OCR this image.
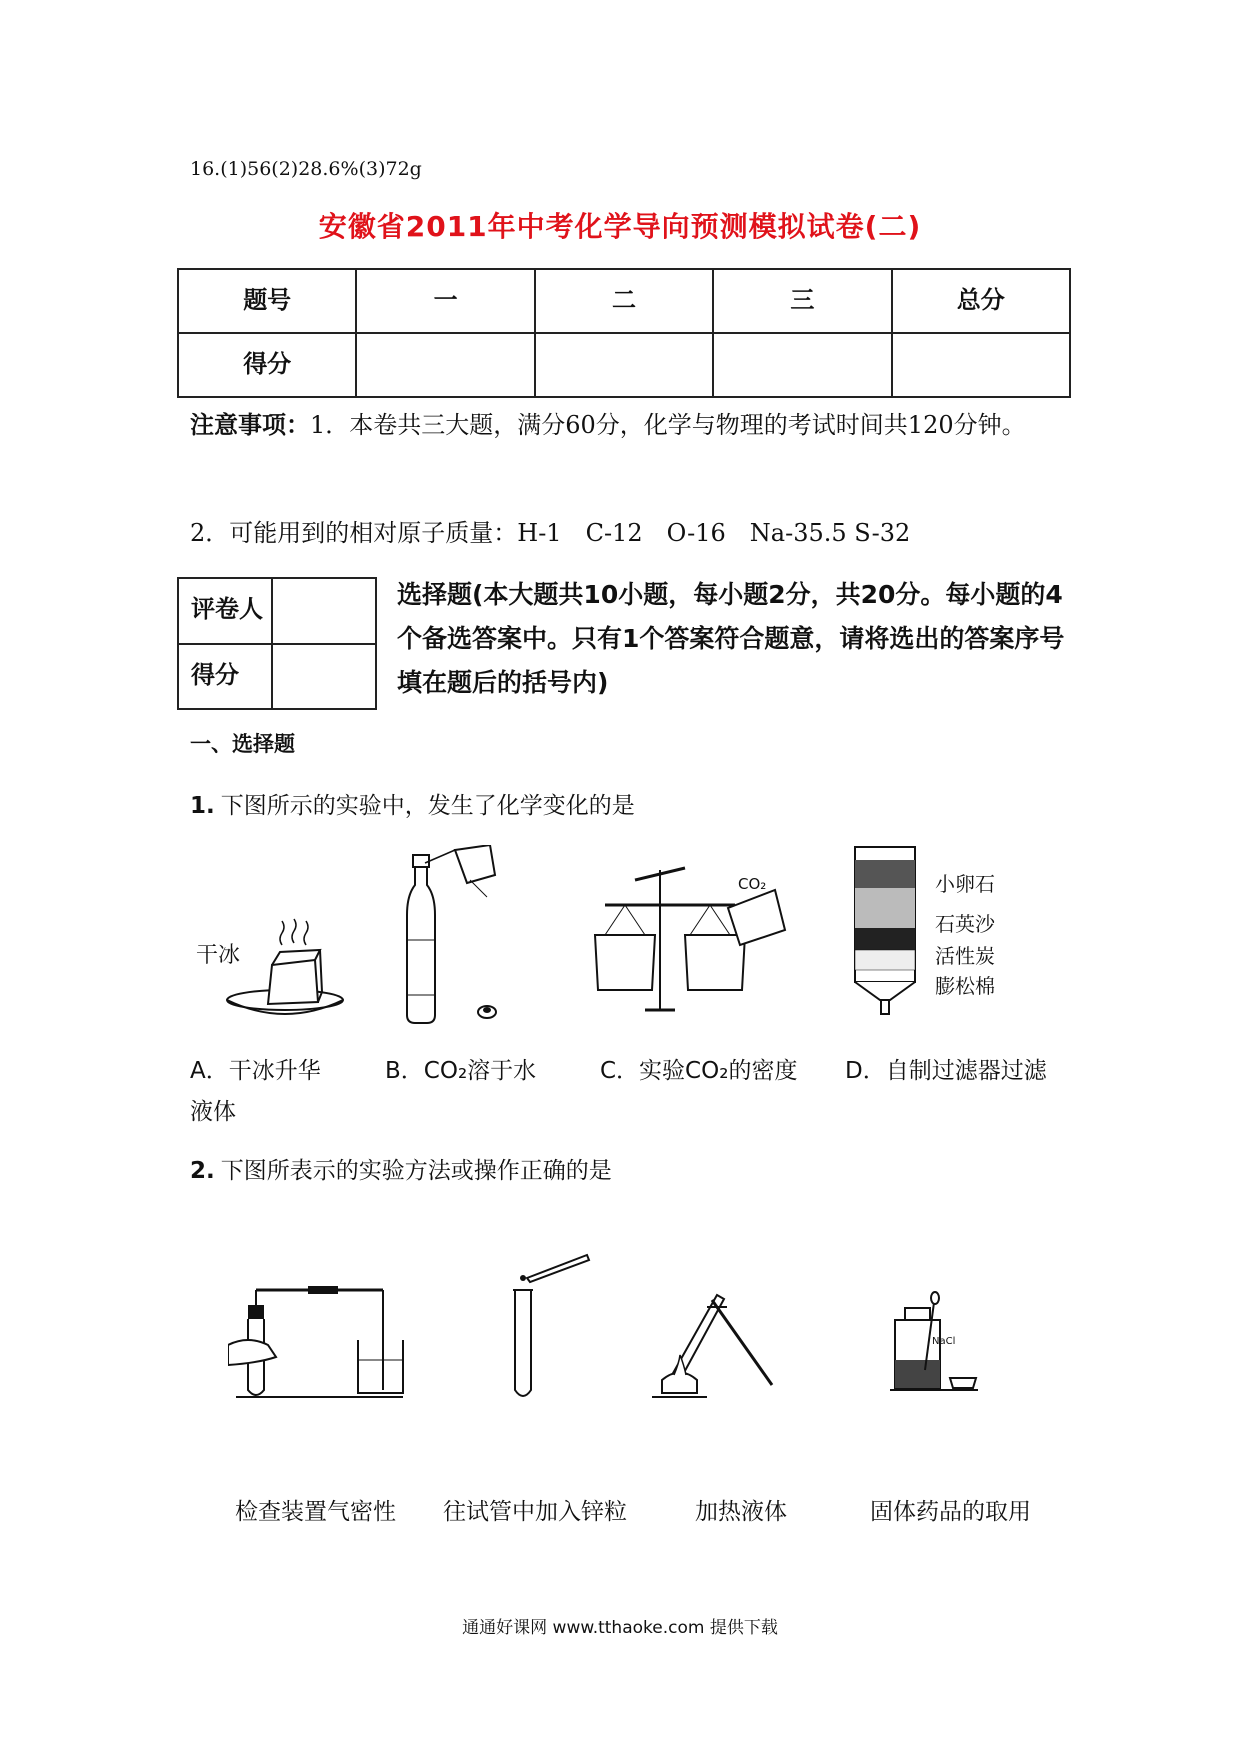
16.(1)56(2)28.6%(3)72g
安徽省2011年中考化学导向预测模拟试卷(二)
题号	一	二	三	总分
得分				
注意事项：1．本卷共三大题，满分60分，化学与物理的考试时间共120分钟。
2．可能用到的相对原子质量：H-1　C-12　O-16　Na-35.5 S-32
评卷人	
得分	
选择题(本大题共10小题，每小题2分，共20分。每小题的4个备选答案中。只有1个答案符合题意，请将选出的答案序号填在题后的括号内)
一、选择题
1. 下图所示的实验中，发生了化学变化的是
干冰
CO₂	小卵石
石英沙
活性炭
膨松棉
A．干冰升华	B．CO₂溶于水	C．实验CO₂的密度 D．自制过滤器过滤
液体
2. 下图所表示的实验方法或操作正确的是
NaCl
检查装置气密性 往试管中加入锌粒	加热液体	固体药品的取用
通通好课网 www.tthaoke.com 提供下载
